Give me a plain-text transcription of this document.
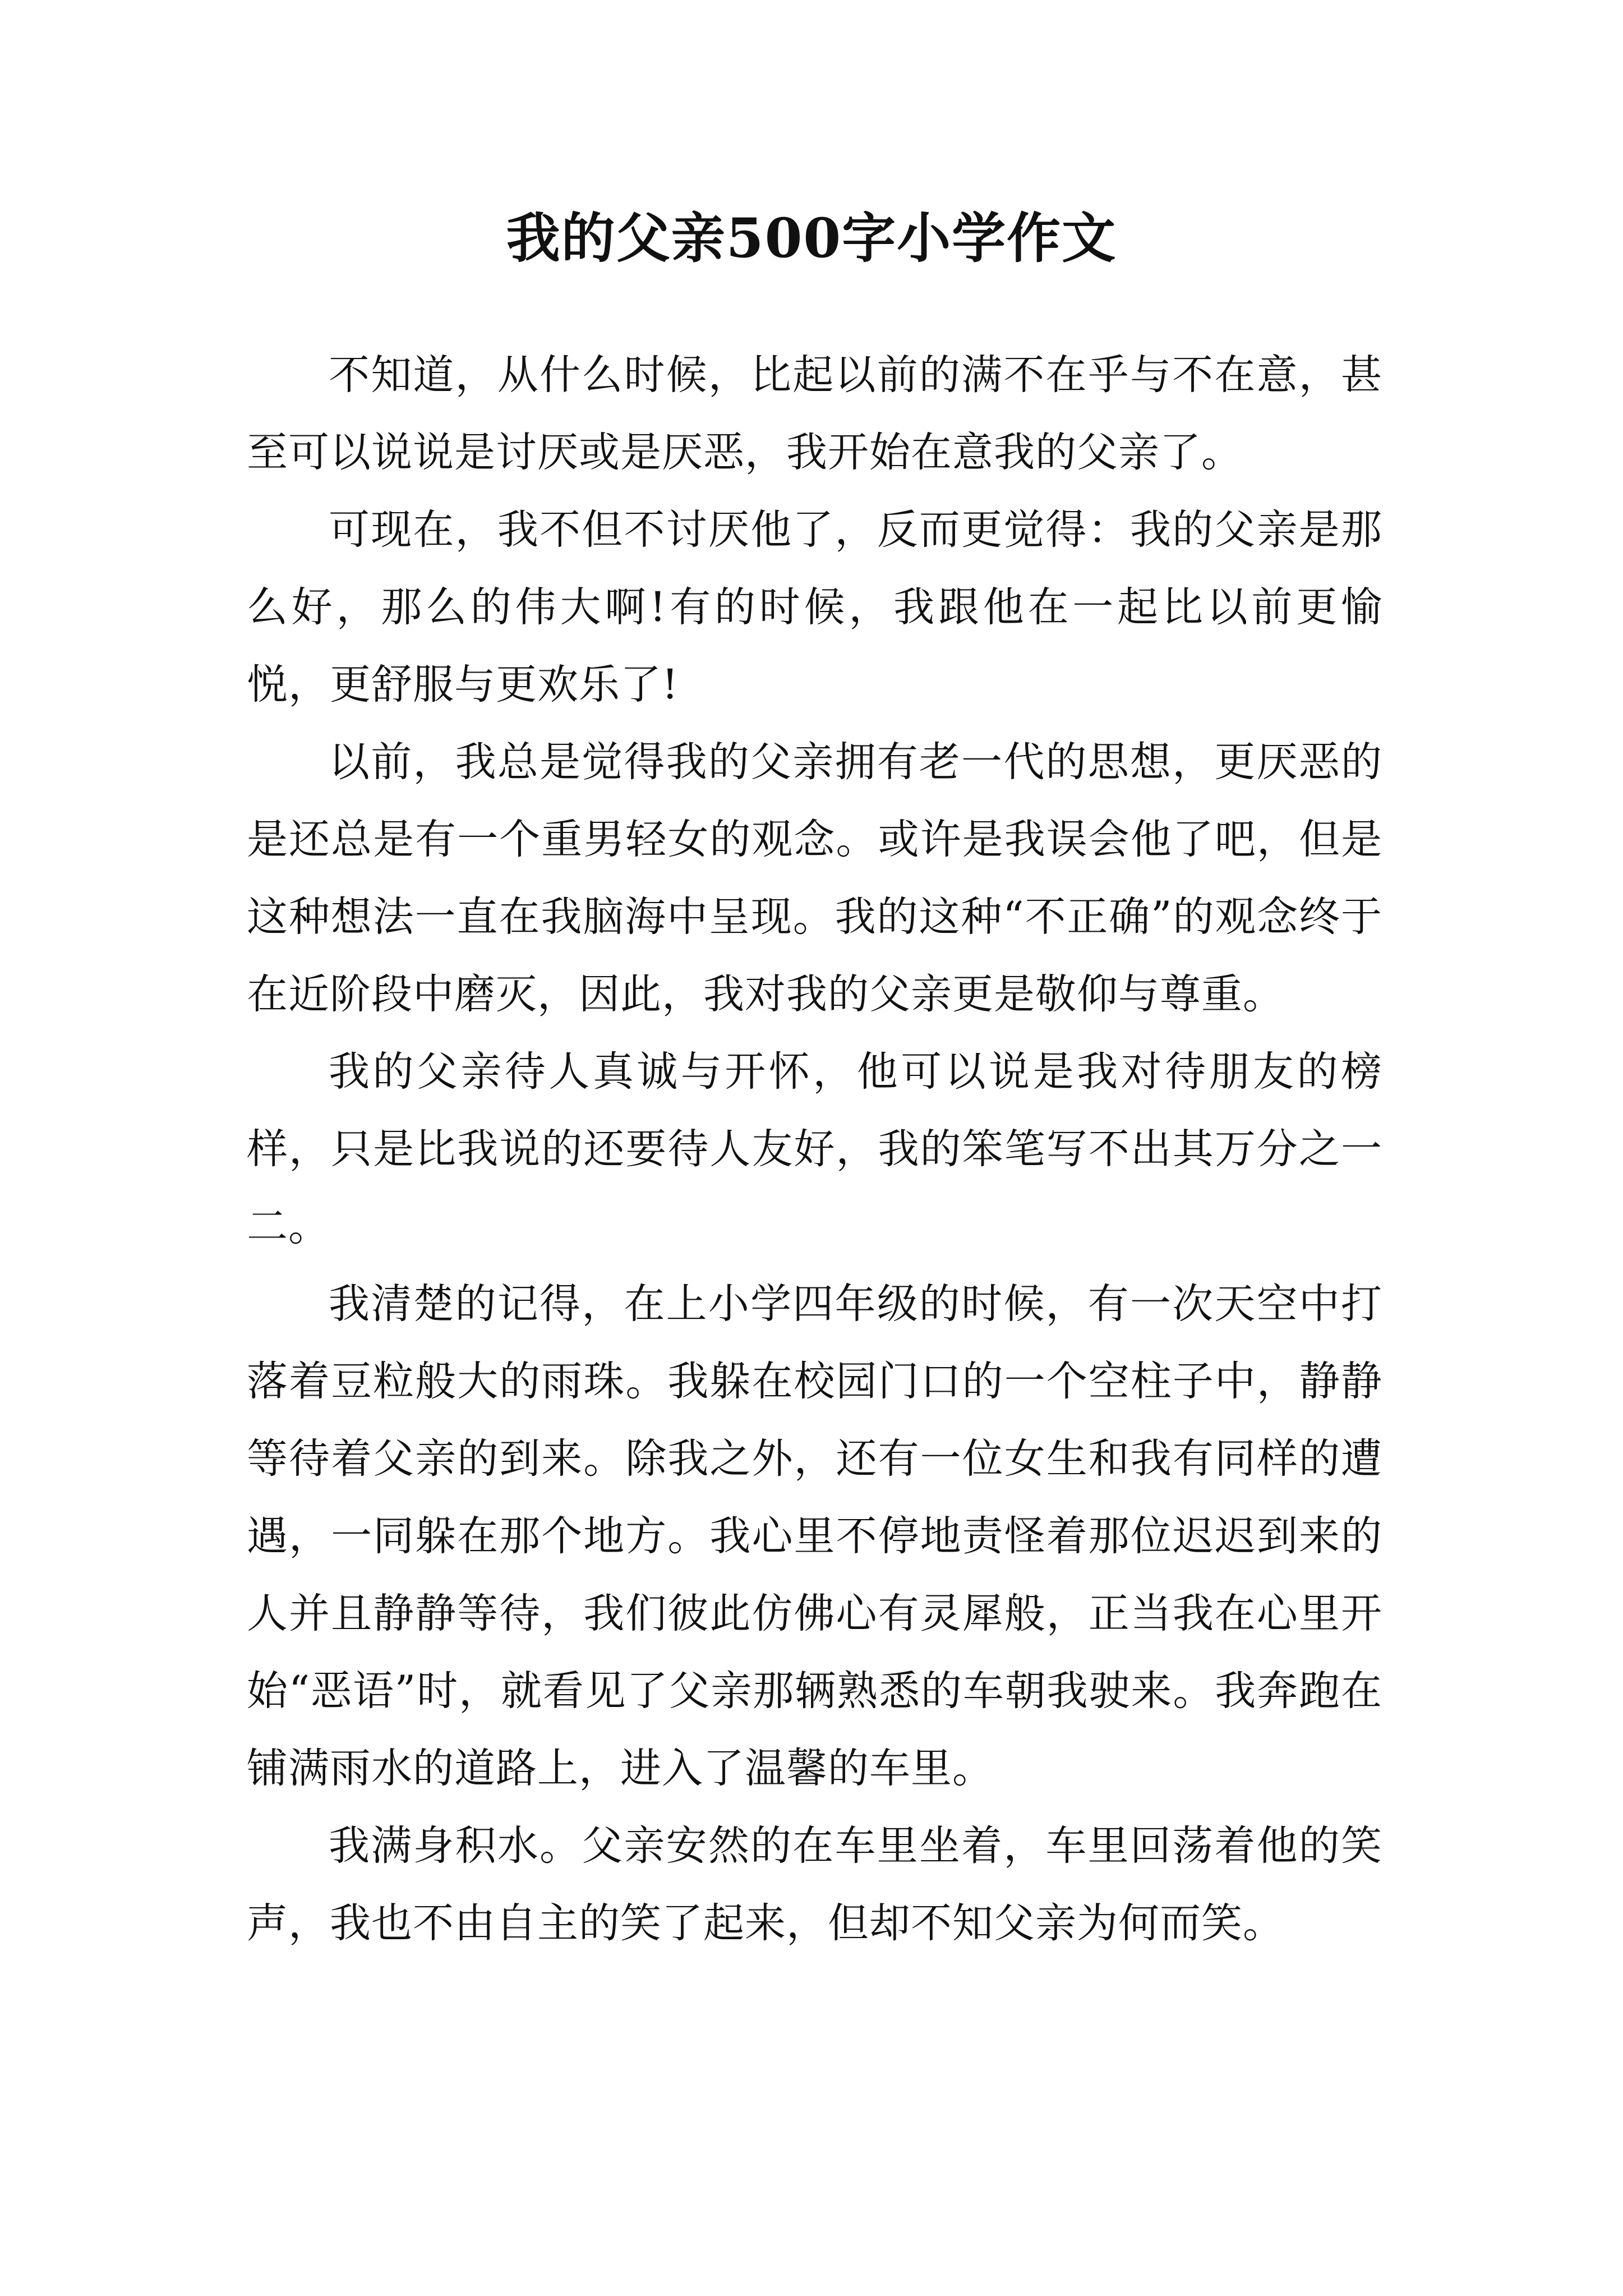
我的父亲500字小学作文

不知道，从什么时候，比起以前的满不在乎与不在意，甚至可以说说是讨厌或是厌恶，我开始在意我的父亲了。

可现在，我不但不讨厌他了，反而更觉得：我的父亲是那么好，那么的伟大啊!有的时候，我跟他在一起比以前更愉悦，更舒服与更欢乐了!

以前，我总是觉得我的父亲拥有老一代的思想，更厌恶的是还总是有一个重男轻女的观念。或许是我误会他了吧，但是这种想法一直在我脑海中呈现。我的这种“不正确”的观念终于在近阶段中磨灭，因此，我对我的父亲更是敬仰与尊重。

我的父亲待人真诚与开怀，他可以说是我对待朋友的榜样，只是比我说的还要待人友好，我的笨笔写不出其万分之一二。

我清楚的记得，在上小学四年级的时候，有一次天空中打落着豆粒般大的雨珠。我躲在校园门口的一个空柱子中，静静等待着父亲的到来。除我之外，还有一位女生和我有同样的遭遇，一同躲在那个地方。我心里不停地责怪着那位迟迟到来的人并且静静等待，我们彼此仿佛心有灵犀般，正当我在心里开始“恶语”时，就看见了父亲那辆熟悉的车朝我驶来。我奔跑在铺满雨水的道路上，进入了温馨的车里。

我满身积水。父亲安然的在车里坐着，车里回荡着他的笑声，我也不由自主的笑了起来，但却不知父亲为何而笑。
